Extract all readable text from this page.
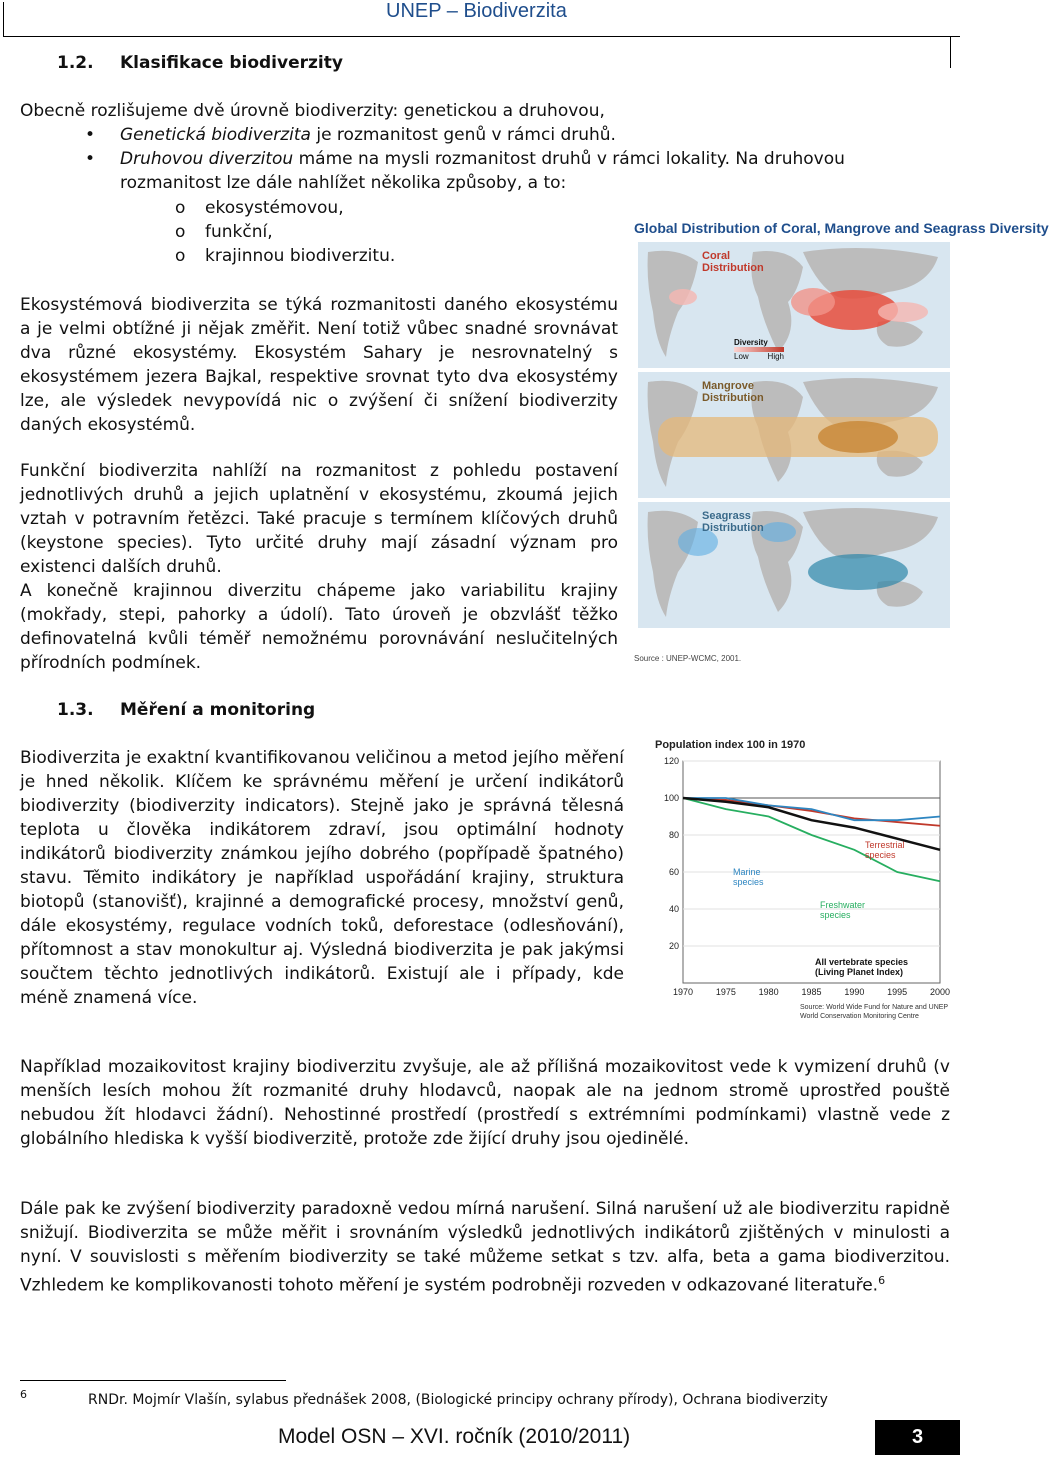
UNEP – Biodiverzita
1.2. Klasifikace biodiverzity
Obecně rozlišujeme dvě úrovně biodiverzity: genetickou a druhovou,
• Genetická biodiverzita je rozmanitost genů v rámci druhů.
• Druhovou diverzitou máme na mysli rozmanitost druhů v rámci lokality. Na druhovou rozmanitost lze dále nahlížet několika způsoby, a to:
o ekosystémovou,
o funkční,
o krajinnou biodiverzitu.
Ekosystémová biodiverzita se týká rozmanitosti daného ekosystému a je velmi obtížné ji nějak změřit. Není totiž vůbec snadné srovnávat dva různé ekosystémy. Ekosystém Sahary je nesrovnatelný s ekosystémem jezera Bajkal, respektive srovnat tyto dva ekosystémy lze, ale výsledek nevypovídá nic o zvýšení či snížení biodiverzity daných ekosystémů.
Funkční biodiverzita nahlíží na rozmanitost z pohledu postavení jednotlivých druhů a jejich uplatnění v ekosystému, zkoumá jejich vztah v potravním řetězci. Také pracuje s termínem klíčových druhů (keystone species). Tyto určité druhy mají zásadní význam pro existenci dalších druhů.
A konečně krajinnou diverzitu chápeme jako variabilitu krajiny (mokřady, stepi, pahorky a údolí). Tato úroveň je obzvlášť těžko definovatelná kvůli téměř nemožnému porovnávání neslučitelných přírodních podmínek.
Global Distribution of Coral, Mangrove and Seagrass Diversity
Coral
Distribution
Mangrove
Distribution
Seagrass
Distribution
Diversity
Low High
Source : UNEP-WCMC, 2001.
1.3. Měření a monitoring
Biodiverzita je exaktní kvantifikovanou veličinou a metod jejího měření je hned několik. Klíčem ke správnému měření je určení indikátorů biodiverzity (biodiverzity indicators). Stejně jako je správná tělesná teplota u člověka indikátorem zdraví, jsou optimální hodnoty indikátorů biodiverzity známkou jejího dobrého (popřípadě špatného) stavu. Těmito indikátory je například uspořádání krajiny, struktura biotopů (stanovišť), krajinné a demografické procesy, množství genů, dále ekosystémy, regulace vodních toků, deforestace (odlesňování), přítomnost a stav monokultur aj. Výsledná biodiverzita je pak jakýmsi součtem těchto jednotlivých indikátorů. Existují ale i případy, kde méně znamená více.
Population index 100 in 1970
20
40
60
80
100
120
1970	1975	1980	1985	1990	1995	2000
Terrestrial
species
Marine
species
Freshwater
species
All vertebrate species
(Living Planet Index)
Source: World Wide Fund for Nature and UNEP World Conservation Monitoring Centre
Například mozaikovitost krajiny biodiverzitu zvyšuje, ale až přílišná mozaikovitost vede k vymizení druhů (v menších lesích mohou žít rozmanité druhy hlodavců, naopak ale na jednom stromě uprostřed pouště nebudou žít hlodavci žádní). Nehostinné prostředí (prostředí s extrémními podmínkami) vlastně vede z globálního hlediska k vyšší biodiverzitě, protože zde žijící druhy jsou ojedinělé.
Dále pak ke zvýšení biodiverzity paradoxně vedou mírná narušení. Silná narušení už ale biodiverzitu rapidně snižují. Biodiverzita se může měřit i srovnáním výsledků jednotlivých indikátorů zjištěných v minulosti a nyní. V souvislosti s měřením biodiverzity se také můžeme setkat s tzv. alfa, beta a gama biodiverzitou. Vzhledem ke komplikovanosti tohoto měření je systém podrobněji rozveden v odkazované literatuře.$^6$
6	RNDr. Mojmír Vlašín, sylabus přednášek 2008, (Biologické principy ochrany přírody), Ochrana biodiverzity
Model OSN – XVI. ročník (2010/2011)	3
